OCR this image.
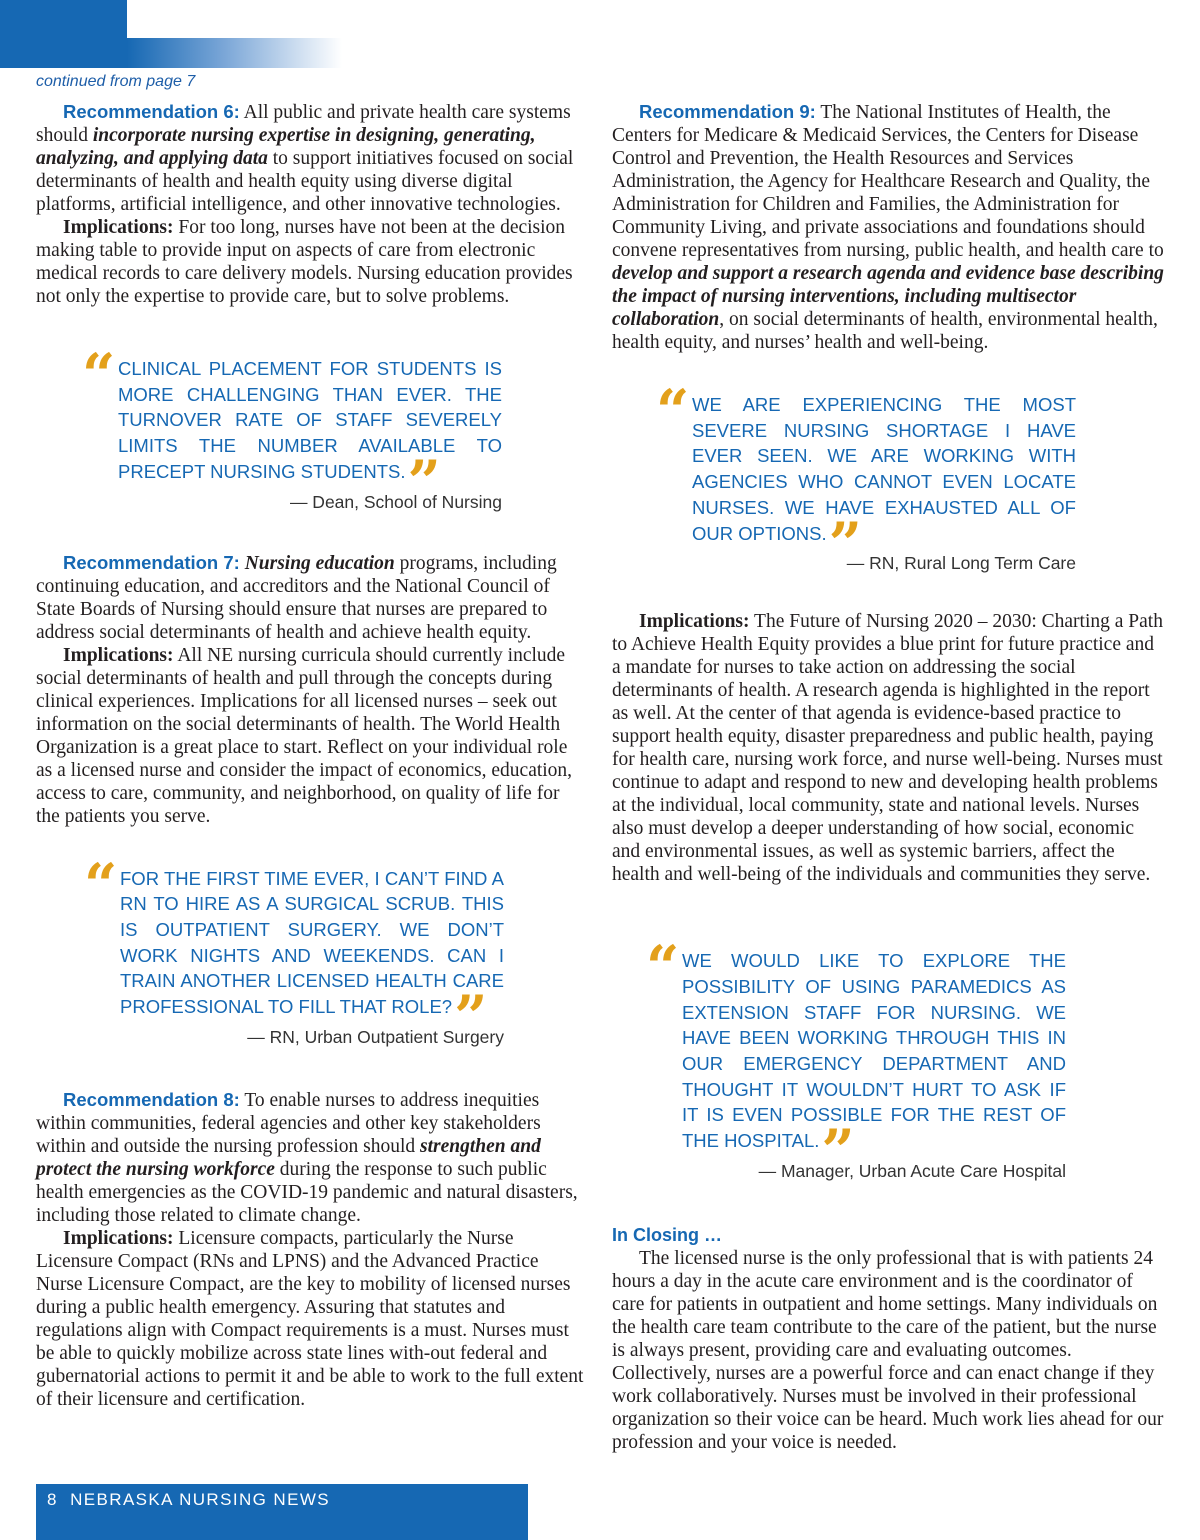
continued from page 7

Recommendation 6: All public and private health care systems should incorporate nursing expertise in designing, generating, analyzing, and applying data to support initiatives focused on social determinants of health and health equity using diverse digital platforms, artificial intelligence, and other innovative technologies.

Implications: For too long, nurses have not been at the decision making table to provide input on aspects of care from electronic medical records to care delivery models. Nursing education provides not only the expertise to provide care, but to solve problems.

“ CLINICAL PLACEMENT FOR STUDENTS IS MORE CHALLENGING THAN EVER. THE TURNOVER RATE OF STAFF SEVERELY LIMITS THE NUMBER AVAILABLE TO PRECEPT NURSING STUDENTS.”
— Dean, School of Nursing

Recommendation 7: Nursing education programs, including continuing education, and accreditors and the National Council of State Boards of Nursing should ensure that nurses are prepared to address social determinants of health and achieve health equity.

Implications: All NE nursing curricula should currently include social determinants of health and pull through the concepts during clinical experiences. Implications for all licensed nurses – seek out information on the social determinants of health. The World Health Organization is a great place to start. Reflect on your individual role as a licensed nurse and consider the impact of economics, education, access to care, community, and neighborhood, on quality of life for the patients you serve.

“ FOR THE FIRST TIME EVER, I CAN’T FIND A RN TO HIRE AS A SURGICAL SCRUB. THIS IS OUTPATIENT SURGERY. WE DON’T WORK NIGHTS AND WEEKENDS. CAN I TRAIN ANOTHER LICENSED HEALTH CARE PROFESSIONAL TO FILL THAT ROLE?”
— RN, Urban Outpatient Surgery

Recommendation 8: To enable nurses to address inequities within communities, federal agencies and other key stakeholders within and outside the nursing profession should strengthen and protect the nursing workforce during the response to such public health emergencies as the COVID-19 pandemic and natural disasters, including those related to climate change.

Implications: Licensure compacts, particularly the Nurse Licensure Compact (RNs and LPNS) and the Advanced Practice Nurse Licensure Compact, are the key to mobility of licensed nurses during a public health emergency. Assuring that statutes and regulations align with Compact requirements is a must. Nurses must be able to quickly mobilize across state lines with-out federal and gubernatorial actions to permit it and be able to work to the full extent of their licensure and certification.

Recommendation 9: The National Institutes of Health, the Centers for Medicare & Medicaid Services, the Centers for Disease Control and Prevention, the Health Resources and Services Administration, the Agency for Healthcare Research and Quality, the Administration for Children and Families, the Administration for Community Living, and private associations and foundations should convene representatives from nursing, public health, and health care to develop and support a research agenda and evidence base describing the impact of nursing interventions, including multisector collaboration, on social determinants of health, environmental health, health equity, and nurses’ health and well-being.

“ WE ARE EXPERIENCING THE MOST SEVERE NURSING SHORTAGE I HAVE EVER SEEN. WE ARE WORKING WITH AGENCIES WHO CANNOT EVEN LOCATE NURSES. WE HAVE EXHAUSTED ALL OF OUR OPTIONS.”
— RN, Rural Long Term Care

Implications: The Future of Nursing 2020 – 2030: Charting a Path to Achieve Health Equity provides a blue print for future practice and a mandate for nurses to take action on addressing the social determinants of health. A research agenda is highlighted in the report as well. At the center of that agenda is evidence-based practice to support health equity, disaster preparedness and public health, paying for health care, nursing work force, and nurse well-being. Nurses must continue to adapt and respond to new and developing health problems at the individual, local community, state and national levels. Nurses also must develop a deeper understanding of how social, economic and environmental issues, as well as systemic barriers, affect the health and well-being of the individuals and communities they serve.

“ WE WOULD LIKE TO EXPLORE THE POSSIBILITY OF USING PARAMEDICS AS EXTENSION STAFF FOR NURSING. WE HAVE BEEN WORKING THROUGH THIS IN OUR EMERGENCY DEPARTMENT AND THOUGHT IT WOULDN’T HURT TO ASK IF IT IS EVEN POSSIBLE FOR THE REST OF THE HOSPITAL.”
— Manager, Urban Acute Care Hospital

In Closing …

The licensed nurse is the only professional that is with patients 24 hours a day in the acute care environment and is the coordinator of care for patients in outpatient and home settings. Many individuals on the health care team contribute to the care of the patient, but the nurse is always present, providing care and evaluating outcomes. Collectively, nurses are a powerful force and can enact change if they work collaboratively. Nurses must be involved in their professional organization so their voice can be heard. Much work lies ahead for our profession and your voice is needed.

8 NEBRASKA NURSING NEWS
